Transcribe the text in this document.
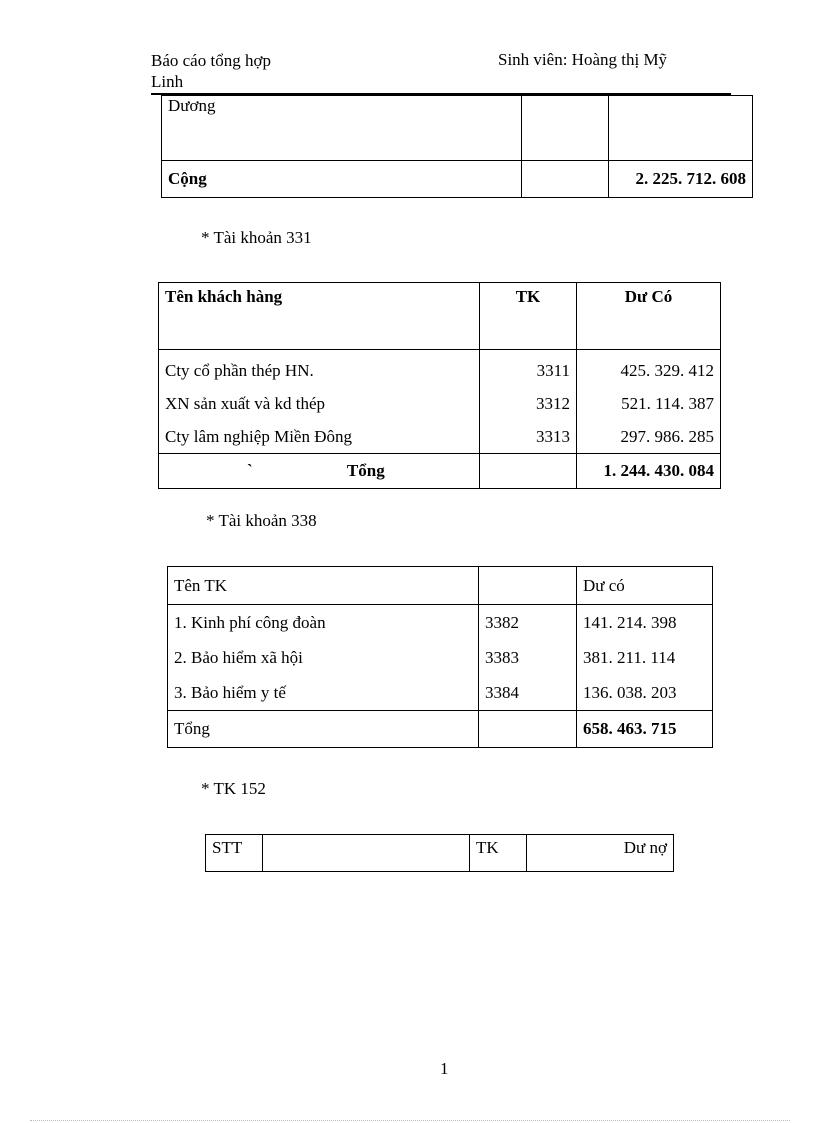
Báo cáo tổng hợp
Linh
Sinh viên: Hoàng thị Mỹ
Dương		
Cộng		2. 225. 712. 608
* Tài khoản 331
Tên khách hàng	TK	Dư Có
Cty cổ phần thép HN.	3311	425. 329. 412
XN sản xuất và kd thép	3312	521. 114. 387
Cty lâm nghiệp Miền Đông	3313	297. 986. 285
` Tổng		1. 244. 430. 084
* Tài khoản 338
Tên TK		Dư có
1. Kinh phí công đoàn	3382	141. 214. 398
2. Bảo hiểm xã hội	3383	381. 211. 114
3. Bảo hiểm y tế	3384	136. 038. 203
Tổng		658. 463. 715
* TK 152
STT		TK	Dư nợ
1
